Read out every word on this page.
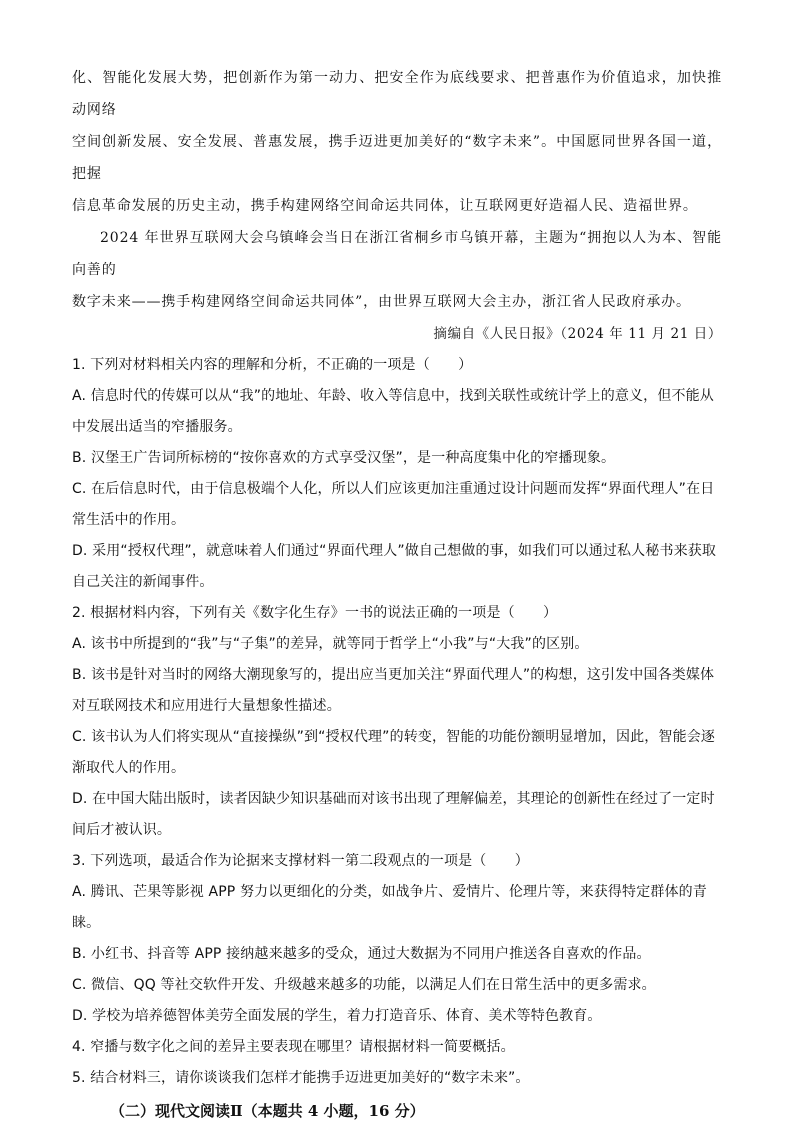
化、智能化发展大势，把创新作为第一动力、把安全作为底线要求、把普惠作为价值追求，加快推动网络

空间创新发展、安全发展、普惠发展，携手迈进更加美好的“数字未来”。中国愿同世界各国一道，把握

信息革命发展的历史主动，携手构建网络空间命运共同体，让互联网更好造福人民、造福世界。

2024 年世界互联网大会乌镇峰会当日在浙江省桐乡市乌镇开幕，主题为“拥抱以人为本、智能向善的

数字未来——携手构建网络空间命运共同体”，由世界互联网大会主办，浙江省人民政府承办。

摘编自《人民日报》（2024 年 11 月 21 日）

1. 下列对材料相关内容的理解和分析，不正确的一项是（　　）

A. 信息时代的传媒可以从“我”的地址、年龄、收入等信息中，找到关联性或统计学上的意义，但不能从中发展出适当的窄播服务。

B. 汉堡王广告词所标榜的“按你喜欢的方式享受汉堡”，是一种高度集中化的窄播现象。

C. 在后信息时代，由于信息极端个人化，所以人们应该更加注重通过设计问题而发挥“界面代理人”在日常生活中的作用。

D. 采用“授权代理”，就意味着人们通过“界面代理人”做自己想做的事，如我们可以通过私人秘书来获取自己关注的新闻事件。

2. 根据材料内容，下列有关《数字化生存》一书的说法正确的一项是（　　）

A. 该书中所提到的“我”与“子集”的差异，就等同于哲学上“小我”与“大我”的区别。

B. 该书是针对当时的网络大潮现象写的，提出应当更加关注“界面代理人”的构想，这引发中国各类媒体对互联网技术和应用进行大量想象性描述。

C. 该书认为人们将实现从“直接操纵”到“授权代理”的转变，智能的功能份额明显增加，因此，智能会逐渐取代人的作用。

D. 在中国大陆出版时，读者因缺少知识基础而对该书出现了理解偏差，其理论的创新性在经过了一定时间后才被认识。

3. 下列选项，最适合作为论据来支撑材料一第二段观点的一项是（　　）

A. 腾讯、芒果等影视 APP 努力以更细化的分类，如战争片、爱情片、伦理片等，来获得特定群体的青睐。

B. 小红书、抖音等 APP 接纳越来越多的受众，通过大数据为不同用户推送各自喜欢的作品。

C. 微信、QQ 等社交软件开发、升级越来越多的功能，以满足人们在日常生活中的更多需求。

D. 学校为培养德智体美劳全面发展的学生，着力打造音乐、体育、美术等特色教育。

4. 窄播与数字化之间的差异主要表现在哪里？请根据材料一简要概括。

5. 结合材料三，请你谈谈我们怎样才能携手迈进更加美好的“数字未来”。

（二）现代文阅读Ⅱ（本题共 4 小题，16 分）
